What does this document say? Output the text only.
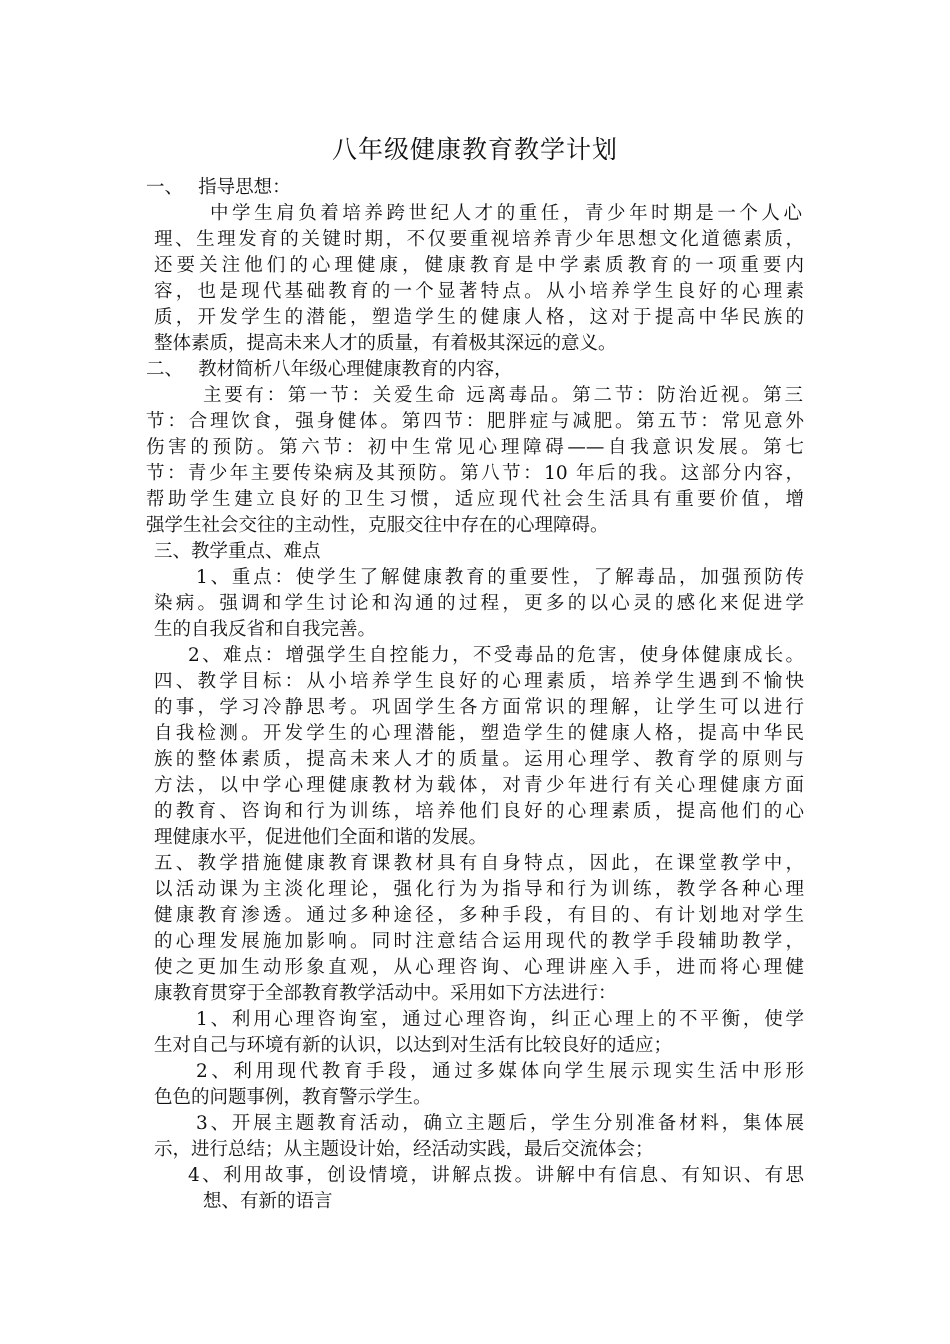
八年级健康教育教学计划
一、　 指导思想：
中学生肩负着培养跨世纪人才的重任，青少年时期是一个人心
理、生理发育的关键时期，不仅要重视培养青少年思想文化道德素质，
还要关注他们的心理健康，健康教育是中学素质教育的一项重要内
容，也是现代基础教育的一个显著特点。从小培养学生良好的心理素
质，开发学生的潜能，塑造学生的健康人格，这对于提高中华民族的
整体素质，提高未来人才的质量，有着极其深远的意义。
二、　 教材简析八年级心理健康教育的内容，
主要有：第一节：关爱生命 远离毒品。第二节：防治近视。第三
节：合理饮食，强身健体。第四节：肥胖症与减肥。第五节：常见意外
伤害的预防。第六节：初中生常见心理障碍——自我意识发展。第七
节：青少年主要传染病及其预防。第八节：10 年后的我。这部分内容，
帮助学生建立良好的卫生习惯，适应现代社会生活具有重要价值，增
强学生社会交往的主动性，克服交往中存在的心理障碍。
三、教学重点、难点
1、重点：使学生了解健康教育的重要性，了解毒品，加强预防传
染病。强调和学生讨论和沟通的过程，更多的以心灵的感化来促进学
生的自我反省和自我完善。
2、难点：增强学生自控能力，不受毒品的危害，使身体健康成长。
四、教学目标：从小培养学生良好的心理素质，培养学生遇到不愉快
的事，学习冷静思考。巩固学生各方面常识的理解，让学生可以进行
自我检测。开发学生的心理潜能，塑造学生的健康人格，提高中华民
族的整体素质，提高未来人才的质量。运用心理学、教育学的原则与
方法，以中学心理健康教材为载体，对青少年进行有关心理健康方面
的教育、咨询和行为训练，培养他们良好的心理素质，提高他们的心
理健康水平，促进他们全面和谐的发展。
五、教学措施健康教育课教材具有自身特点，因此，在课堂教学中，
以活动课为主淡化理论，强化行为为指导和行为训练，教学各种心理
健康教育渗透。通过多种途径，多种手段，有目的、有计划地对学生
的心理发展施加影响。同时注意结合运用现代的教学手段辅助教学，
使之更加生动形象直观，从心理咨询、心理讲座入手，进而将心理健
康教育贯穿于全部教育教学活动中。采用如下方法进行：
1、利用心理咨询室，通过心理咨询，纠正心理上的不平衡，使学
生对自己与环境有新的认识，以达到对生活有比较良好的适应；
2、利用现代教育手段，通过多媒体向学生展示现实生活中形形
色色的问题事例，教育警示学生。
3、开展主题教育活动，确立主题后，学生分别准备材料，集体展
示，进行总结；从主题设计始，经活动实践，最后交流体会；
4、利用故事，创设情境，讲解点拨。讲解中有信息、有知识、有思
想、有新的语言
